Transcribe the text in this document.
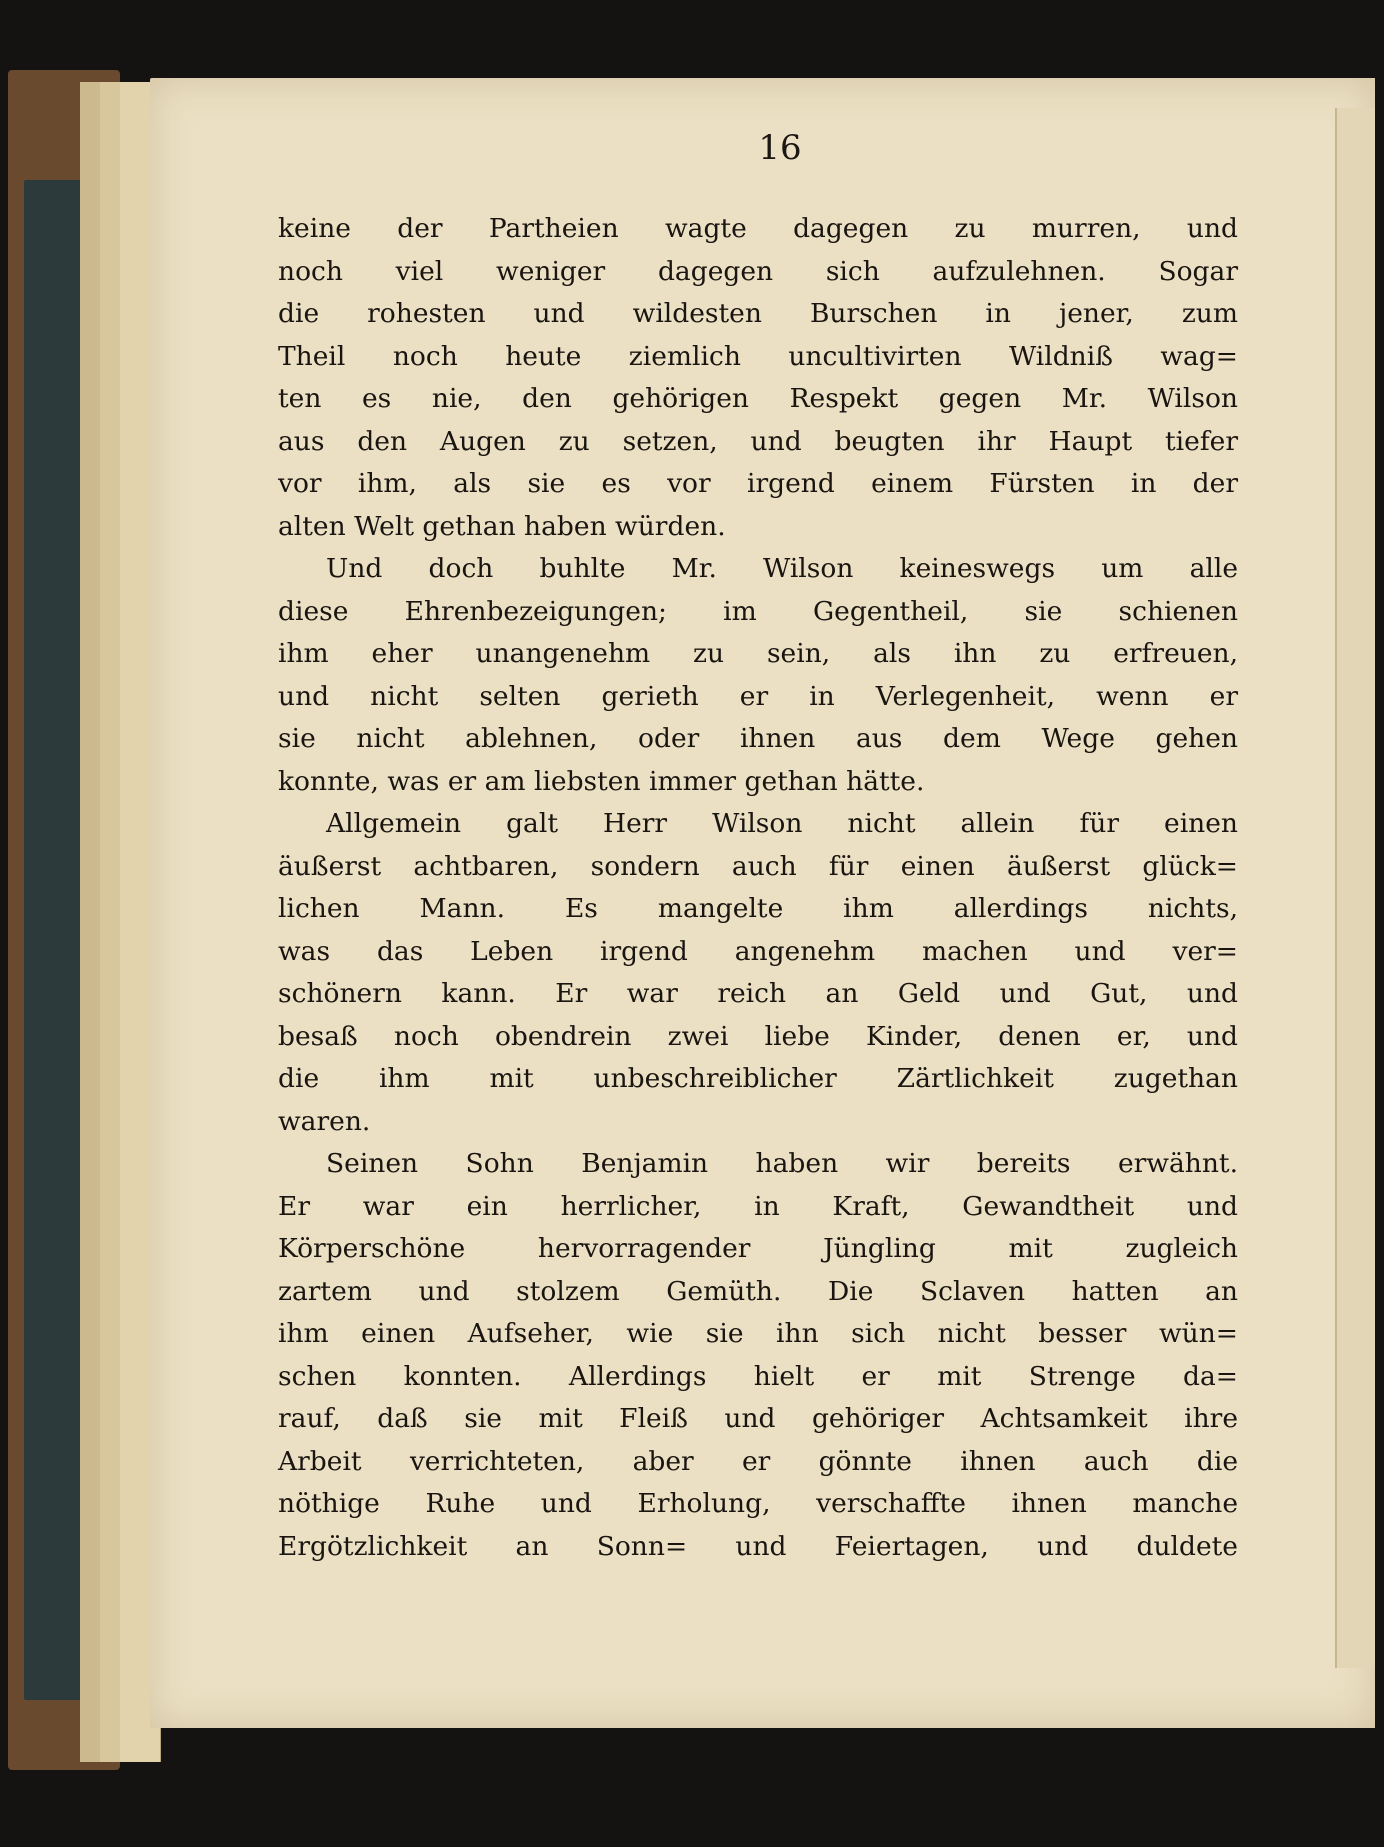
16

keine der Partheien wagte dagegen zu murren, und
noch viel weniger dagegen sich aufzulehnen. Sogar
die rohesten und wildesten Burschen in jener, zum
Theil noch heute ziemlich uncultivirten Wildniß wag=
ten es nie, den gehörigen Respekt gegen Mr. Wilson
aus den Augen zu setzen, und beugten ihr Haupt tiefer
vor ihm, als sie es vor irgend einem Fürsten in der
alten Welt gethan haben würden.
Und doch buhlte Mr. Wilson keineswegs um alle
diese Ehrenbezeigungen; im Gegentheil, sie schienen
ihm eher unangenehm zu sein, als ihn zu erfreuen,
und nicht selten gerieth er in Verlegenheit, wenn er
sie nicht ablehnen, oder ihnen aus dem Wege gehen
konnte, was er am liebsten immer gethan hätte.
Allgemein galt Herr Wilson nicht allein für einen
äußerst achtbaren, sondern auch für einen äußerst glück=
lichen Mann. Es mangelte ihm allerdings nichts,
was das Leben irgend angenehm machen und ver=
schönern kann. Er war reich an Geld und Gut, und
besaß noch obendrein zwei liebe Kinder, denen er, und
die ihm mit unbeschreiblicher Zärtlichkeit zugethan
waren.
Seinen Sohn Benjamin haben wir bereits erwähnt.
Er war ein herrlicher, in Kraft, Gewandtheit und
Körperschöne hervorragender Jüngling mit zugleich
zartem und stolzem Gemüth. Die Sclaven hatten an
ihm einen Aufseher, wie sie ihn sich nicht besser wün=
schen konnten. Allerdings hielt er mit Strenge da=
rauf, daß sie mit Fleiß und gehöriger Achtsamkeit ihre
Arbeit verrichteten, aber er gönnte ihnen auch die
nöthige Ruhe und Erholung, verschaffte ihnen manche
Ergötzlichkeit an Sonn= und Feiertagen, und duldete
